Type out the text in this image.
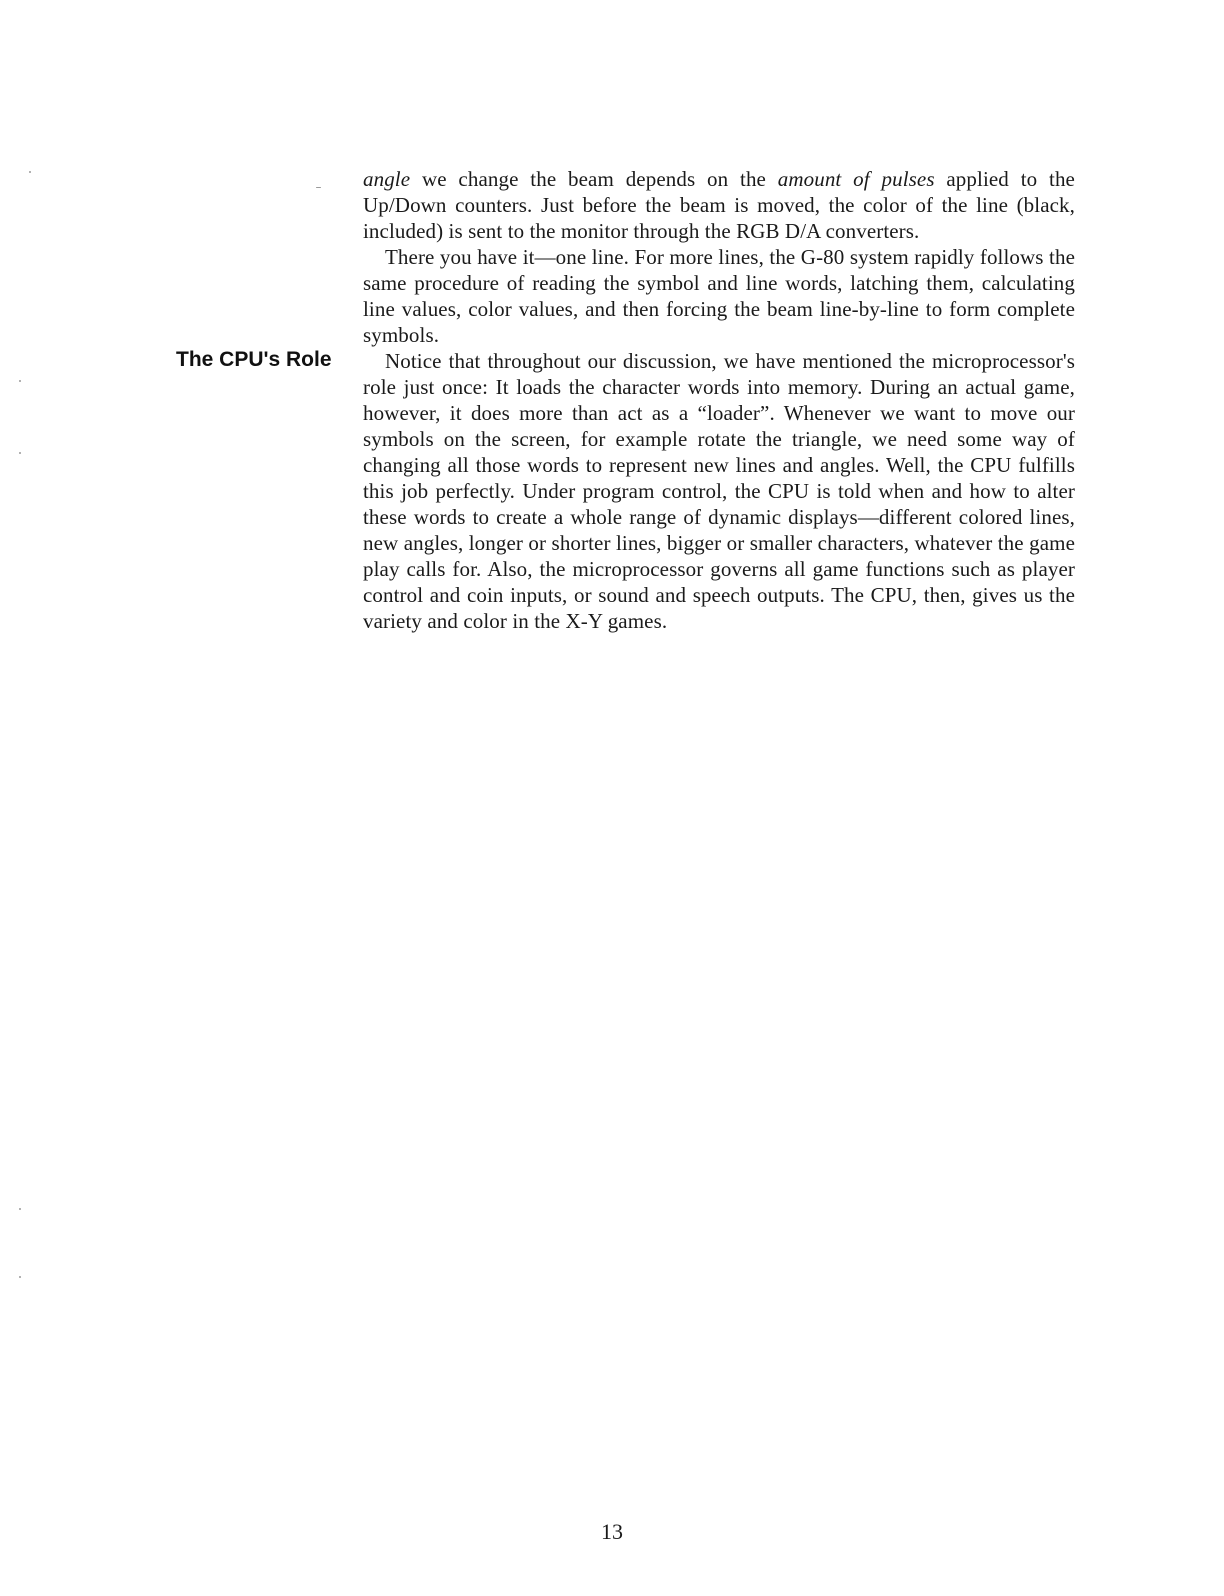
angle we change the beam depends on the amount of pulses applied to the Up/Down counters. Just before the beam is moved, the color of the line (black, included) is sent to the monitor through the RGB D/A converters.

There you have it—one line. For more lines, the G-80 system rapidly follows the same procedure of reading the symbol and line words, latching them, calculating line values, color values, and then forcing the beam line-by-line to form complete symbols.

Notice that throughout our discussion, we have mentioned the microprocessor's role just once: It loads the character words into memory. During an actual game, however, it does more than act as a “loader”. Whenever we want to move our symbols on the screen, for example rotate the triangle, we need some way of changing all those words to represent new lines and angles. Well, the CPU fulfills this job perfectly. Under program control, the CPU is told when and how to alter these words to create a whole range of dynamic displays—different colored lines, new angles, longer or shorter lines, bigger or smaller characters, whatever the game play calls for. Also, the microprocessor governs all game functions such as player control and coin inputs, or sound and speech outputs. The CPU, then, gives us the variety and color in the X-Y games.

The CPU's Role
13
